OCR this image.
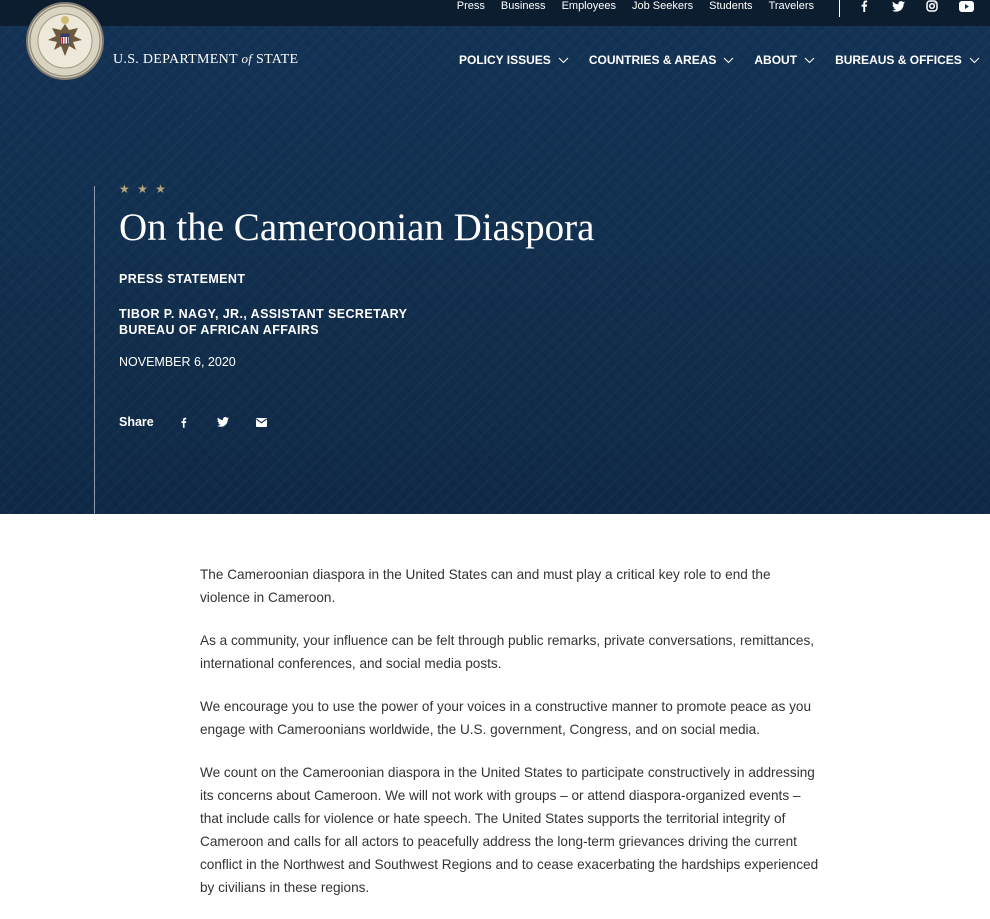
Press Business Employees Job Seekers Students Travelers
U.S. DEPARTMENT of STATE	POLICY ISSUES	COUNTRIES & AREAS	ABOUT	BUREAUS & OFFICES
★ ★ ★
On the Cameroonian Diaspora
PRESS STATEMENT
TIBOR P. NAGY, JR., ASSISTANT SECRETARY
BUREAU OF AFRICAN AFFAIRS
NOVEMBER 6, 2020
Share

The Cameroonian diaspora in the United States can and must play a critical key role to end the violence in Cameroon.

As a community, your influence can be felt through public remarks, private conversations, remittances, international conferences, and social media posts.

We encourage you to use the power of your voices in a constructive manner to promote peace as you engage with Cameroonians worldwide, the U.S. government, Congress, and on social media.

We count on the Cameroonian diaspora in the United States to participate constructively in addressing its concerns about Cameroon. We will not work with groups – or attend diaspora-organized events – that include calls for violence or hate speech. The United States supports the territorial integrity of Cameroon and calls for all actors to peacefully address the long-term grievances driving the current conflict in the Northwest and Southwest Regions and to cease exacerbating the hardships experienced by civilians in these regions.
